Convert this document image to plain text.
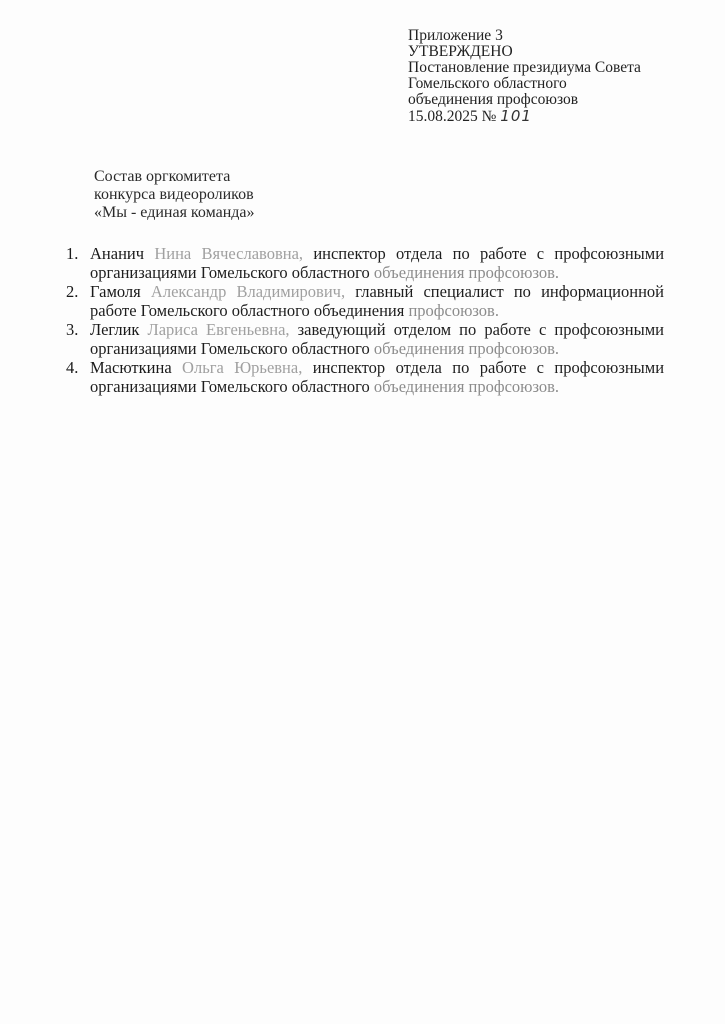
Приложение 3
УТВЕРЖДЕНО
Постановление президиума Совета
Гомельского областного
объединения профсоюзов
15.08.2025 № 101
Состав оргкомитета
конкурса видеороликов
«Мы - единая команда»
1. Ананич Нина Вячеславовна, инспектор отдела по работе с профсоюзными организациями Гомельского областного объединения профсоюзов.
2. Гамоля Александр Владимирович, главный специалист по информационной работе Гомельского областного объединения профсоюзов.
3. Леглик Лариса Евгеньевна, заведующий отделом по работе с профсоюзными организациями Гомельского областного объединения профсоюзов.
4. Масюткина Ольга Юрьевна, инспектор отдела по работе с профсоюзными организациями Гомельского областного объединения профсоюзов.
